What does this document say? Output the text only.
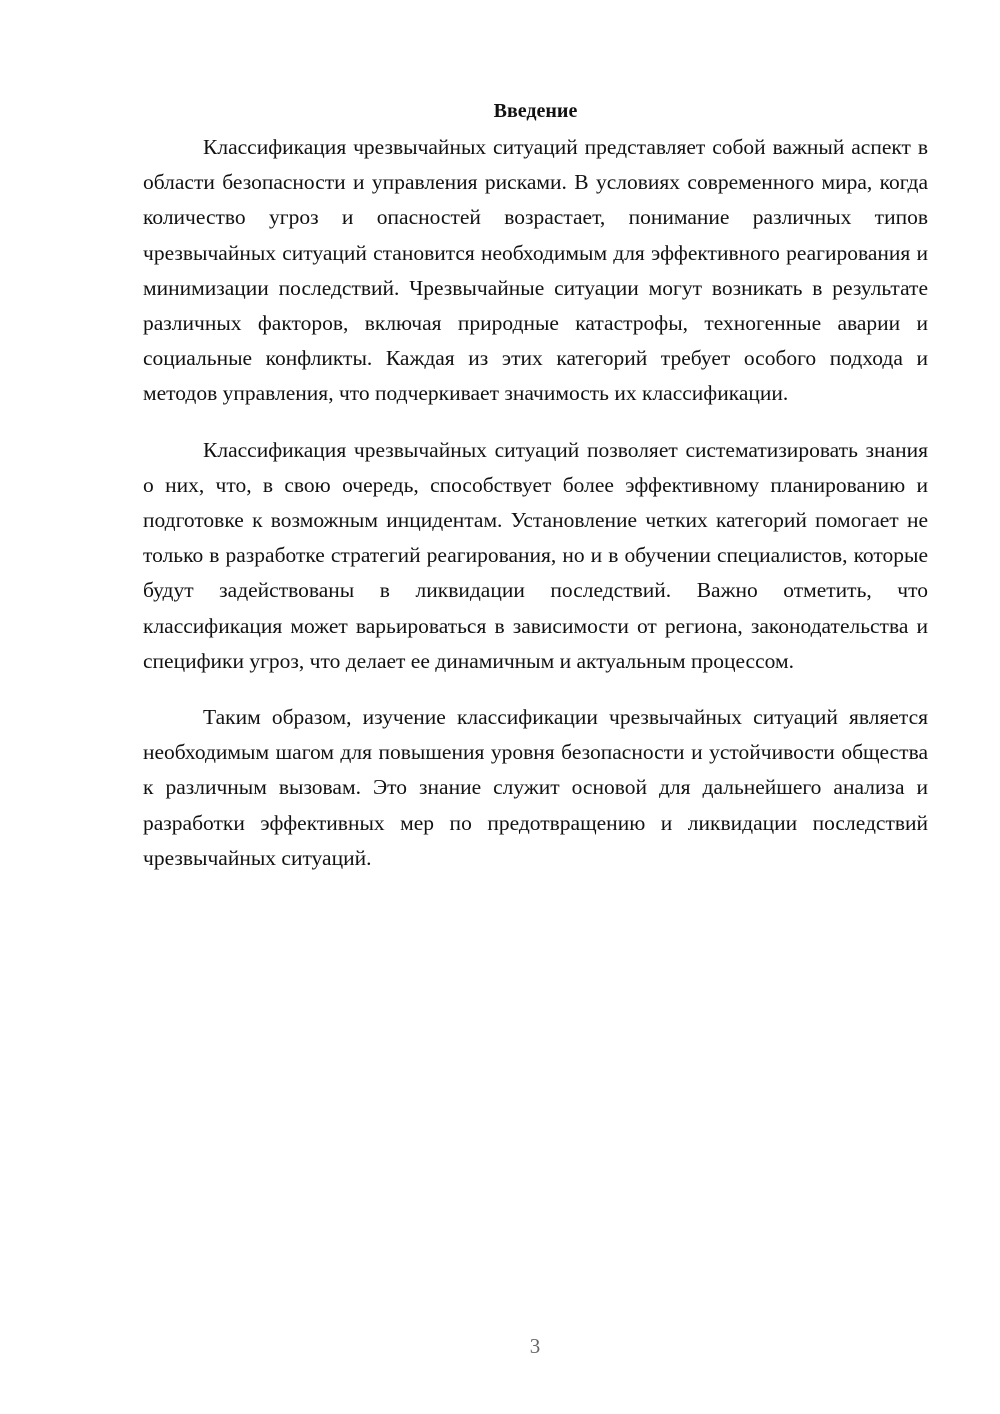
Введение

Классификация чрезвычайных ситуаций представляет собой важный аспект в области безопасности и управления рисками. В условиях современного мира, когда количество угроз и опасностей возрастает, понимание различных типов чрезвычайных ситуаций становится необходимым для эффективного реагирования и минимизации последствий. Чрезвычайные ситуации могут возникать в результате различных факторов, включая природные катастрофы, техногенные аварии и социальные конфликты. Каждая из этих категорий требует особого подхода и методов управления, что подчеркивает значимость их классификации.

Классификация чрезвычайных ситуаций позволяет систематизировать знания о них, что, в свою очередь, способствует более эффективному планированию и подготовке к возможным инцидентам. Установление четких категорий помогает не только в разработке стратегий реагирования, но и в обучении специалистов, которые будут задействованы в ликвидации последствий. Важно отметить, что классификация может варьироваться в зависимости от региона, законодательства и специфики угроз, что делает ее динамичным и актуальным процессом.

Таким образом, изучение классификации чрезвычайных ситуаций является необходимым шагом для повышения уровня безопасности и устойчивости общества к различным вызовам. Это знание служит основой для дальнейшего анализа и разработки эффективных мер по предотвращению и ликвидации последствий чрезвычайных ситуаций.

3
